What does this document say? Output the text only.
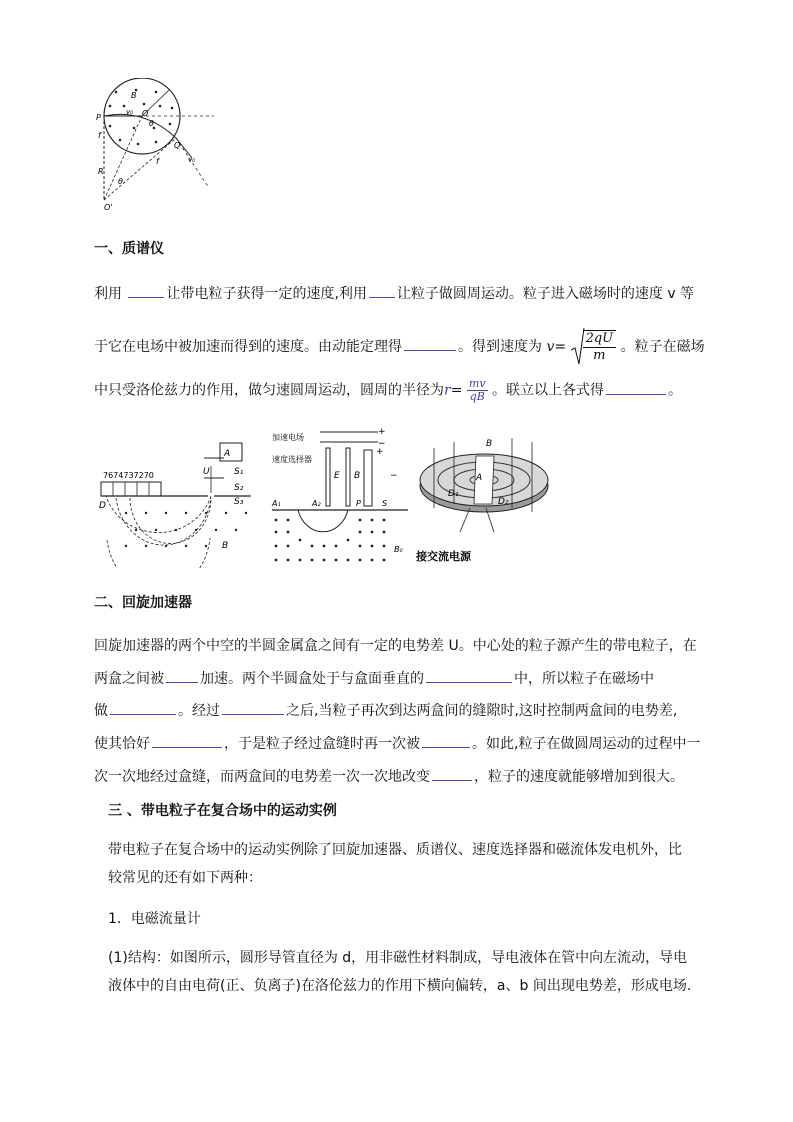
B
P
Q
f
f
R
O
O'
v₀
v₀
θ
θ

一、质谱仪

利用	让带电粒子获得一定的速度,利用 让粒子做圆周运动。粒子进入磁场时的速度 v 等

于它在电场中被加速而得到的速度。由动能定理得	。得到速度为 $v= \frac{2qU}{m}$ 。粒子在磁场

中只受洛伦兹力的作用，做匀速圆周运动，圆周的半径为$r= \frac{mv}{qB}$ 。联立以上各式得	。

7674737270
A
U	S₁
S₂
S₃
D
B
加速电场
速度选择器
+
−
E B
+
−
A₁	A₂	P	S
B₀
B
A
D₁
D₂
接交流电源

二、回旋加速器

回旋加速器的两个中空的半圆金属盒之间有一定的电势差 U。中心处的粒子源产生的带电粒子，在

两盒之间被	加速。两个半圆盒处于与盒面垂直的	中，所以粒子在磁场中

做	。经过	之后,当粒子再次到达两盒间的缝隙时,这时控制两盒间的电势差,

使其恰好	，于是粒子经过盒缝时再一次被	。如此,粒子在做圆周运动的过程中一

次一次地经过盒缝，而两盒间的电势差一次一次地改变	，粒子的速度就能够增加到很大。

三 、带电粒子在复合场中的运动实例

带电粒子在复合场中的运动实例除了回旋加速器、质谱仪、速度选择器和磁流体发电机外，比

较常见的还有如下两种：

1．电磁流量计

(1)结构：如图所示，圆形导管直径为 d，用非磁性材料制成，导电液体在管中向左流动，导电

液体中的自由电荷(正、负离子)在洛伦兹力的作用下横向偏转，a、b 间出现电势差，形成电场.
